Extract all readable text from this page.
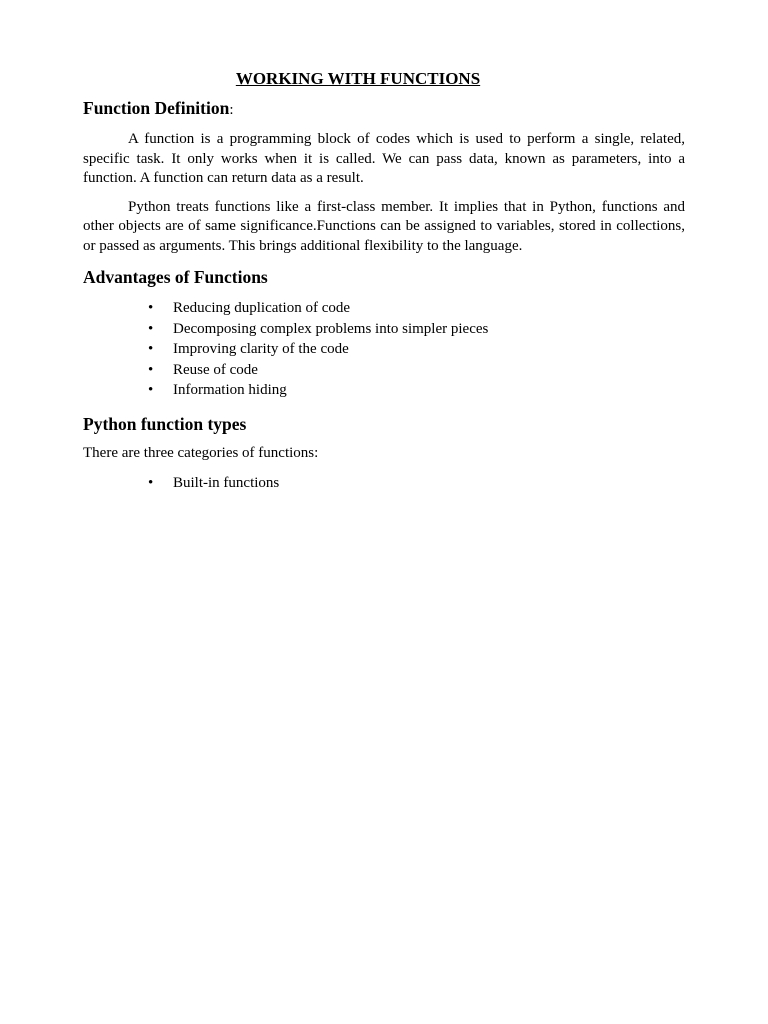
WORKING WITH FUNCTIONS
Function Definition:

A function is a programming block of codes which is used to perform a single, related, specific task. It only works when it is called. We can pass data, known as parameters, into a function. A function can return data as a result.

Python treats functions like a first-class member. It implies that in Python, functions and other objects are of same significance.Functions can be assigned to variables, stored in collections, or passed as arguments. This brings additional flexibility to the language.

Advantages of Functions
• Reducing duplication of code
• Decomposing complex problems into simpler pieces
• Improving clarity of the code
• Reuse of code
• Information hiding
Python function types

There are three categories of functions:

• Built-in functions
